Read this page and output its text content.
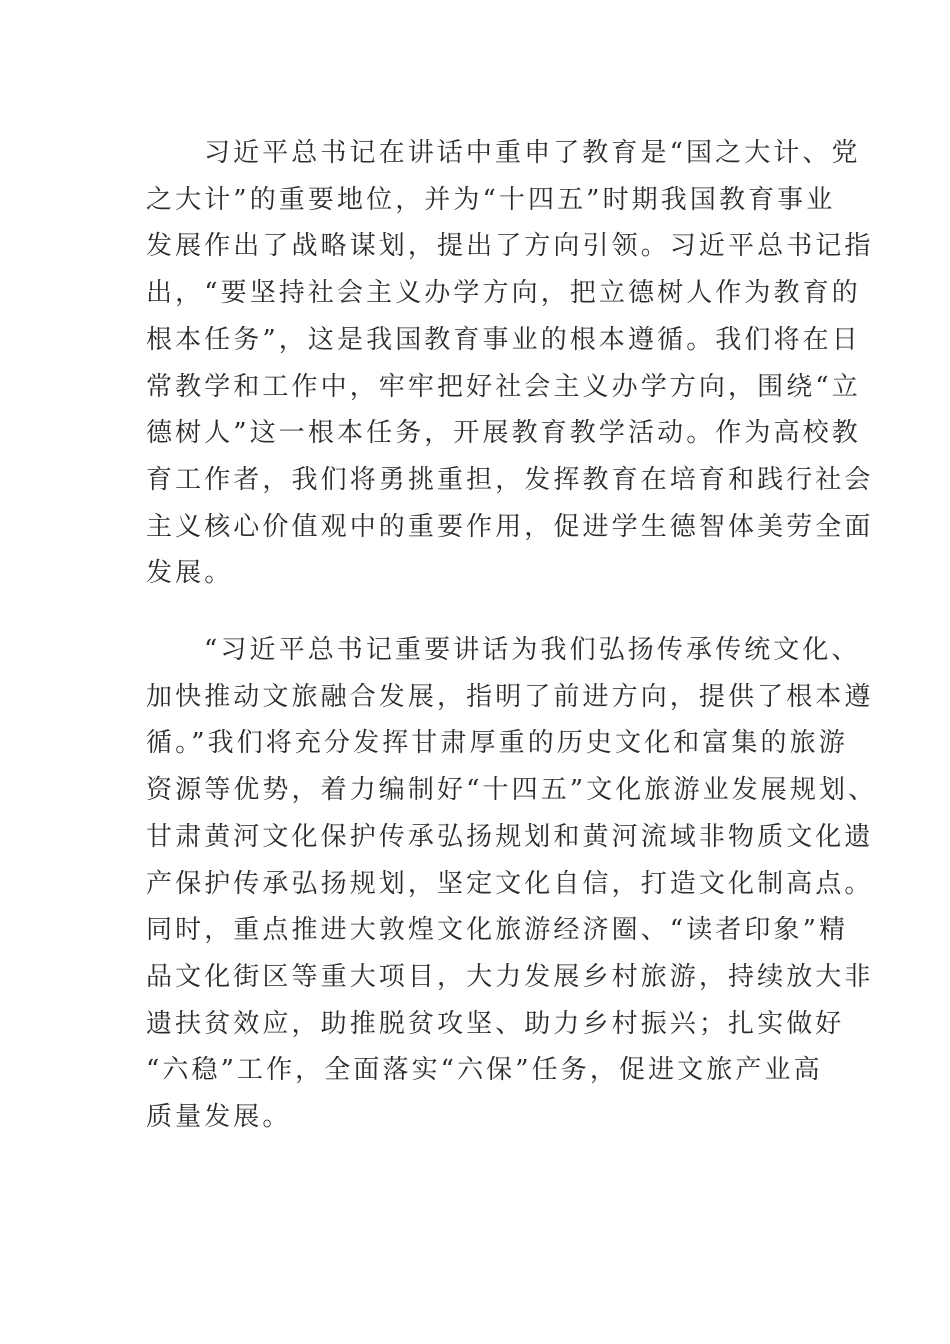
习近平总书记在讲话中重申了教育是“国之大计、党
之大计”的重要地位，并为“十四五”时期我国教育事业
发展作出了战略谋划，提出了方向引领。习近平总书记指
出，“要坚持社会主义办学方向，把立德树人作为教育的
根本任务”，这是我国教育事业的根本遵循。我们将在日
常教学和工作中，牢牢把好社会主义办学方向，围绕“立
德树人”这一根本任务，开展教育教学活动。作为高校教
育工作者，我们将勇挑重担，发挥教育在培育和践行社会
主义核心价值观中的重要作用，促进学生德智体美劳全面
发展。

“习近平总书记重要讲话为我们弘扬传承传统文化、
加快推动文旅融合发展，指明了前进方向，提供了根本遵
循。”我们将充分发挥甘肃厚重的历史文化和富集的旅游
资源等优势，着力编制好“十四五”文化旅游业发展规划、
甘肃黄河文化保护传承弘扬规划和黄河流域非物质文化遗
产保护传承弘扬规划，坚定文化自信，打造文化制高点。
同时，重点推进大敦煌文化旅游经济圈、“读者印象”精
品文化街区等重大项目，大力发展乡村旅游，持续放大非
遗扶贫效应，助推脱贫攻坚、助力乡村振兴；扎实做好
“六稳”工作，全面落实“六保”任务，促进文旅产业高
质量发展。
